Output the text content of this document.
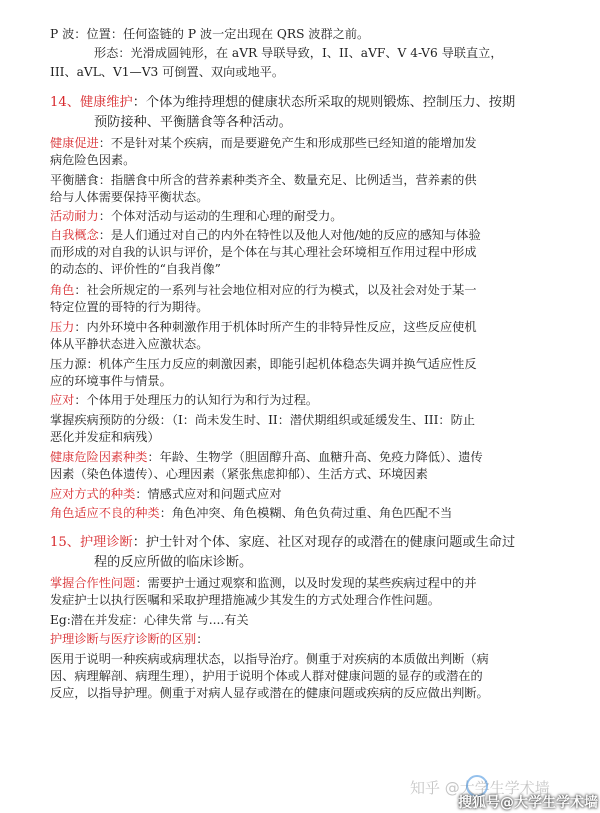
P 波：位置：任何盗链的 P 波一定出现在 QRS 波群之前。
形态：光滑成圆钝形，在 aVR 导联导致，I、II、aVF、V 4-V6 导联直立，
III、aVL、V1—V3 可倒置、双向或地平。
14、健康维护：个体为维持理想的健康状态所采取的规则锻炼、控制压力、按期
预防接种、平衡膳食等各种活动。
健康促进：不是针对某个疾病，而是要避免产生和形成那些已经知道的能增加发
病危险色因素。
平衡膳食：指膳食中所含的营养素种类齐全、数量充足、比例适当，营养素的供
给与人体需要保持平衡状态。
活动耐力：个体对活动与运动的生理和心理的耐受力。
自我概念：是人们通过对自己的内外在特性以及他人对他/她的反应的感知与体验
而形成的对自我的认识与评价，是个体在与其心理社会环境相互作用过程中形成
的动态的、评价性的“自我肖像”
角色：社会所规定的一系列与社会地位相对应的行为模式，以及社会对处于某一
特定位置的哥特的行为期待。
压力：内外环境中各种刺激作用于机体时所产生的非特异性反应，这些反应使机
体从平静状态进入应激状态。
压力源：机体产生压力反应的刺激因素，即能引起机体稳态失调并换气适应性反
应的环境事件与情景。
应对：个体用于处理压力的认知行为和行为过程。
掌握疾病预防的分级：（I：尚未发生时、II：潜伏期组织或延缓发生、III：防止
恶化并发症和病残）
健康危险因素种类：年龄、生物学（胆固醇升高、血糖升高、免疫力降低）、遗传
因素（染色体遗传）、心理因素（紧张焦虑抑郁）、生活方式、环境因素
应对方式的种类：情感式应对和问题式应对
角色适应不良的种类：角色冲突、角色模糊、角色负荷过重、角色匹配不当
15、护理诊断：护士针对个体、家庭、社区对现存的或潜在的健康问题或生命过
程的反应所做的临床诊断。
掌握合作性问题：需要护士通过观察和监测，以及时发现的某些疾病过程中的并
发症护士以执行医嘱和采取护理措施减少其发生的方式处理合作性问题。
Eg:潜在并发症：心律失常 与....有关
护理诊断与医疗诊断的区别：
医用于说明一种疾病或病理状态，以指导治疗。侧重于对疾病的本质做出判断（病
因、病理解剖、病理生理），护用于说明个体或人群对健康问题的显存的或潜在的
反应，以指导护理。侧重于对病人显存或潜在的健康问题或疾病的反应做出判断。
知乎 @大学生学术墙
搜狐号@大学生学术墙
